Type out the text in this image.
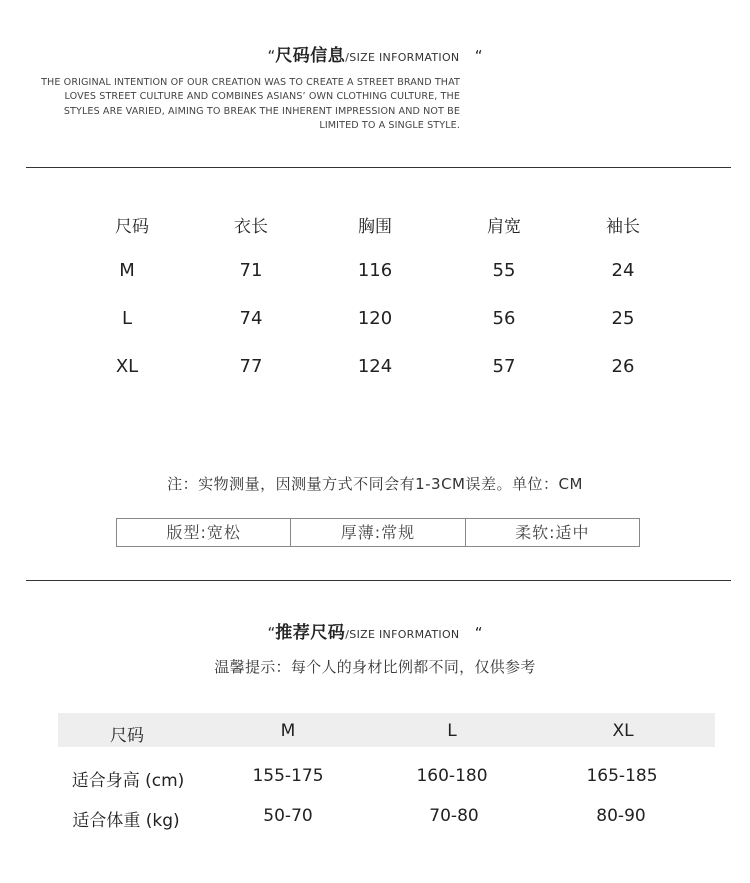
“尺码信息/SIZE INFORMATION “
THE ORIGINAL INTENTION OF OUR CREATION WAS TO CREATE A STREET BRAND THAT
LOVES STREET CULTURE AND COMBINES ASIANS’ OWN CLOTHING CULTURE, THE
STYLES ARE VARIED, AIMING TO BREAK THE INHERENT IMPRESSION AND NOT BE
LIMITED TO A SINGLE STYLE.
尺码	衣长	胸围	肩宽	袖长
M	71	116	55	24
L	74	120	56	25
XL	77	124	57	26
注：实物测量，因测量方式不同会有1-3CM误差。单位：CM
版型:宽松	厚薄:常规	柔软:适中
“推荐尺码/SIZE INFORMATION “
温馨提示：每个人的身材比例都不同，仅供参考
尺码	M	L	XL
适合身高 (cm)	155-175	160-180	165-185
适合体重 (kg)	50-70	70-80	80-90
